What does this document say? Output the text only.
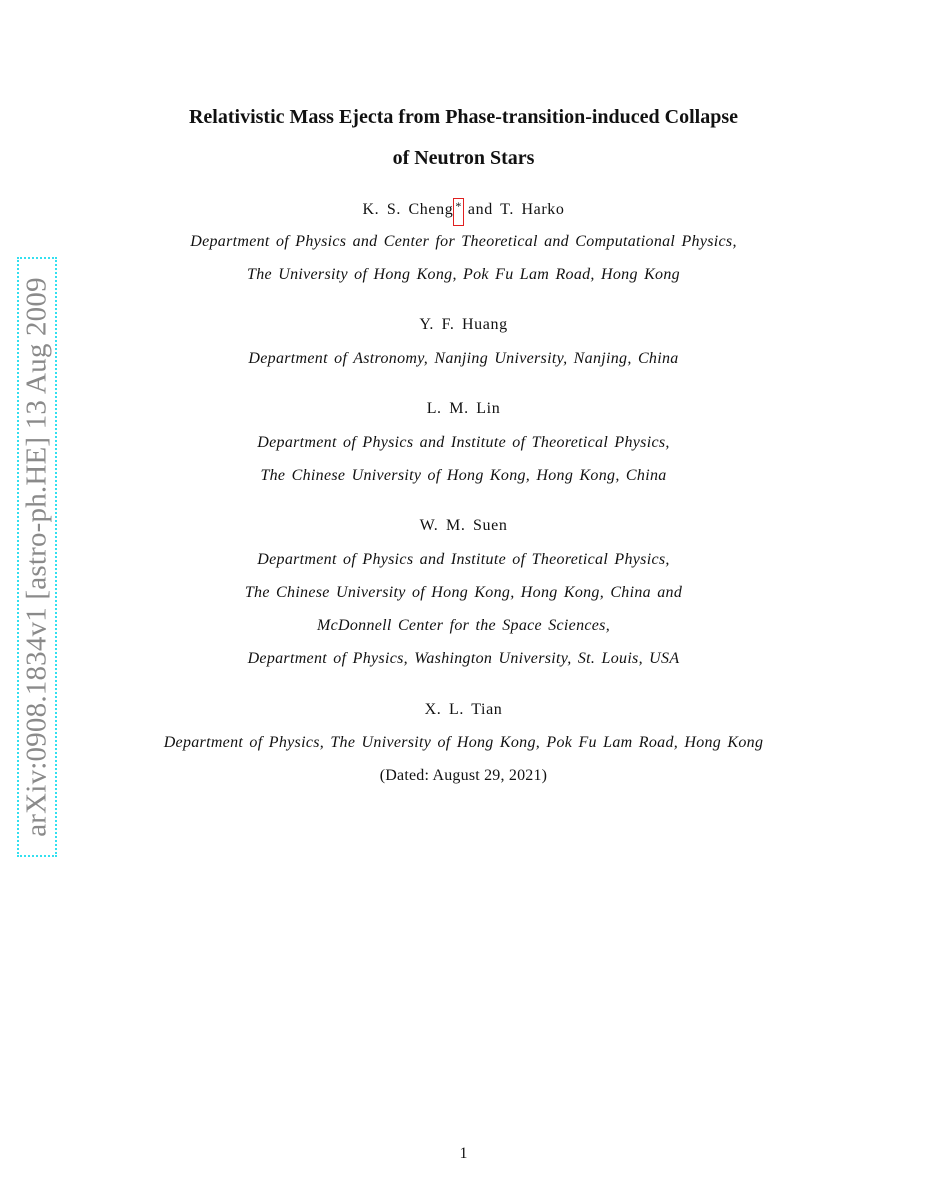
arXiv:0908.1834v1 [astro-ph.HE] 13 Aug 2009
Relativistic Mass Ejecta from Phase-transition-induced Collapse
of Neutron Stars
K. S. Cheng * and T. Harko
Department of Physics and Center for Theoretical and Computational Physics,
The University of Hong Kong, Pok Fu Lam Road, Hong Kong
Y. F. Huang
Department of Astronomy, Nanjing University, Nanjing, China
L. M. Lin
Department of Physics and Institute of Theoretical Physics,
The Chinese University of Hong Kong, Hong Kong, China
W. M. Suen
Department of Physics and Institute of Theoretical Physics,
The Chinese University of Hong Kong, Hong Kong, China and
McDonnell Center for the Space Sciences,
Department of Physics, Washington University, St. Louis, USA
X. L. Tian
Department of Physics, The University of Hong Kong, Pok Fu Lam Road, Hong Kong
(Dated: August 29, 2021)
1
